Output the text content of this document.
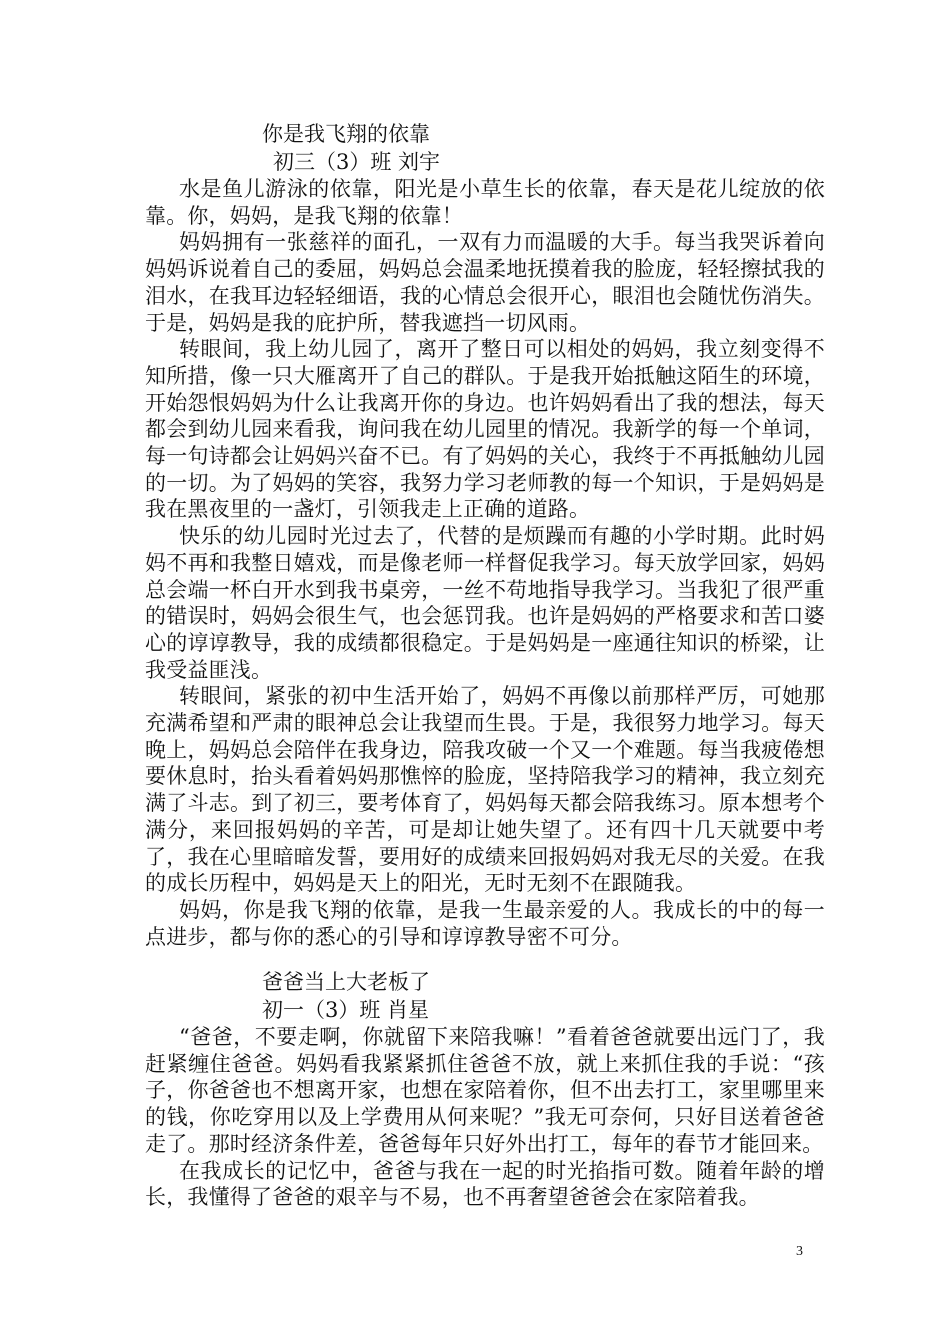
你是我飞翔的依靠
初三（3）班 刘宇

水是鱼儿游泳的依靠，阳光是小草生长的依靠，春天是花儿绽放的依靠。你，妈妈，是我飞翔的依靠！

妈妈拥有一张慈祥的面孔，一双有力而温暖的大手。每当我哭诉着向妈妈诉说着自己的委屈，妈妈总会温柔地抚摸着我的脸庞，轻轻擦拭我的泪水，在我耳边轻轻细语，我的心情总会很开心，眼泪也会随忧伤消失。于是，妈妈是我的庇护所，替我遮挡一切风雨。

转眼间，我上幼儿园了，离开了整日可以相处的妈妈，我立刻变得不知所措，像一只大雁离开了自己的群队。于是我开始抵触这陌生的环境，开始怨恨妈妈为什么让我离开你的身边。也许妈妈看出了我的想法，每天都会到幼儿园来看我，询问我在幼儿园里的情况。我新学的每一个单词，每一句诗都会让妈妈兴奋不已。有了妈妈的关心，我终于不再抵触幼儿园的一切。为了妈妈的笑容，我努力学习老师教的每一个知识，于是妈妈是我在黑夜里的一盏灯，引领我走上正确的道路。

快乐的幼儿园时光过去了，代替的是烦躁而有趣的小学时期。此时妈妈不再和我整日嬉戏，而是像老师一样督促我学习。每天放学回家，妈妈总会端一杯白开水到我书桌旁，一丝不苟地指导我学习。当我犯了很严重的错误时，妈妈会很生气，也会惩罚我。也许是妈妈的严格要求和苦口婆心的谆谆教导，我的成绩都很稳定。于是妈妈是一座通往知识的桥梁，让我受益匪浅。

转眼间，紧张的初中生活开始了，妈妈不再像以前那样严厉，可她那充满希望和严肃的眼神总会让我望而生畏。于是，我很努力地学习。每天晚上，妈妈总会陪伴在我身边，陪我攻破一个又一个难题。每当我疲倦想要休息时，抬头看着妈妈那憔悴的脸庞，坚持陪我学习的精神，我立刻充满了斗志。到了初三，要考体育了，妈妈每天都会陪我练习。原本想考个满分，来回报妈妈的辛苦，可是却让她失望了。还有四十几天就要中考了，我在心里暗暗发誓，要用好的成绩来回报妈妈对我无尽的关爱。在我的成长历程中，妈妈是天上的阳光，无时无刻不在跟随我。

妈妈，你是我飞翔的依靠，是我一生最亲爱的人。我成长的中的每一点进步，都与你的悉心的引导和谆谆教导密不可分。

爸爸当上大老板了
初一（3）班 肖星

“爸爸，不要走啊，你就留下来陪我嘛！”看着爸爸就要出远门了，我赶紧缠住爸爸。妈妈看我紧紧抓住爸爸不放，就上来抓住我的手说：“孩子，你爸爸也不想离开家，也想在家陪着你，但不出去打工，家里哪里来的钱，你吃穿用以及上学费用从何来呢？”我无可奈何，只好目送着爸爸走了。那时经济条件差，爸爸每年只好外出打工，每年的春节才能回来。

在我成长的记忆中，爸爸与我在一起的时光掐指可数。随着年龄的增长，我懂得了爸爸的艰辛与不易，也不再奢望爸爸会在家陪着我。

3
